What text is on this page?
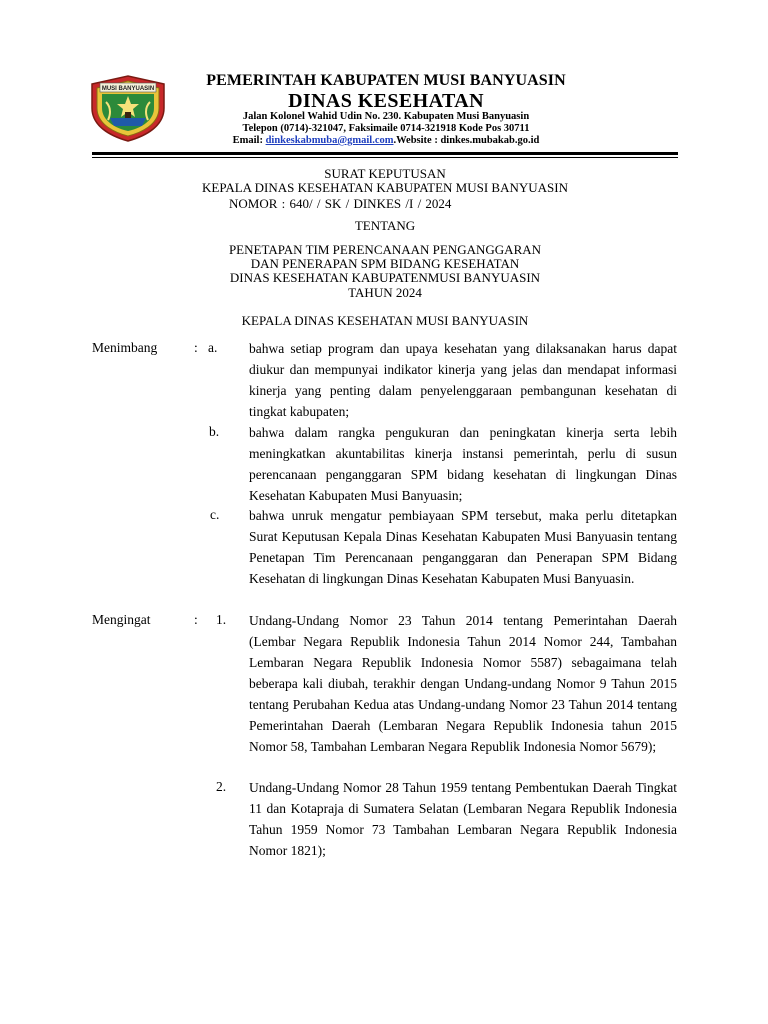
MUSI BANYUASIN	PEMERINTAH KABUPATEN MUSI BANYUASIN
DINAS KESEHATAN
Jalan Kolonel Wahid Udin No. 230. Kabupaten Musi Banyuasin
Telepon (0714)-321047, Faksimaile 0714-321918 Kode Pos 30711
Email: dinkeskabmuba@gmail.com.Website : dinkes.mubakab.go.id
SURAT KEPUTUSAN
KEPALA DINAS KESEHATAN KABUPATEN MUSI BANYUASIN
NOMOR : 640/ / SK / DINKES /I / 2024
TENTANG
PENETAPAN TIM PERENCANAAN PENGANGGARAN
DAN PENERAPAN SPM BIDANG KESEHATAN
DINAS KESEHATAN KABUPATENMUSI BANYUASIN
TAHUN 2024
KEPALA DINAS KESEHATAN MUSI BANYUASIN
Menimbang	: a. bahwa setiap program dan upaya kesehatan yang dilaksanakan harus dapat diukur dan mempunyai indikator kinerja yang jelas dan mendapat informasi kinerja yang penting dalam penyelenggaraan pembangunan kesehatan di tingkat kabupaten;

b. bahwa dalam rangka pengukuran dan peningkatan kinerja serta lebih meningkatkan akuntabilitas kinerja instansi pemerintah, perlu di susun perencanaan penganggaran SPM bidang kesehatan di lingkungan Dinas Kesehatan Kabupaten Musi Banyuasin;

c. bahwa unruk mengatur pembiayaan SPM tersebut, maka perlu ditetapkan Surat Keputusan Kepala Dinas Kesehatan Kabupaten Musi Banyuasin tentang Penetapan Tim Perencanaan penganggaran dan Penerapan SPM Bidang Kesehatan di lingkungan Dinas Kesehatan Kabupaten Musi Banyuasin.

Mengingat	: 1. Undang-Undang Nomor 23 Tahun 2014 tentang Pemerintahan Daerah (Lembar Negara Republik Indonesia Tahun 2014 Nomor 244, Tambahan Lembaran Negara Republik Indonesia Nomor 5587) sebagaimana telah beberapa kali diubah, terakhir dengan Undang-undang Nomor 9 Tahun 2015 tentang Perubahan Kedua atas Undang-undang Nomor 23 Tahun 2014 tentang Pemerintahan Daerah (Lembaran Negara Republik Indonesia tahun 2015 Nomor 58, Tambahan Lembaran Negara Republik Indonesia Nomor 5679);

2. Undang-Undang Nomor 28 Tahun 1959 tentang Pembentukan Daerah Tingkat 11 dan Kotapraja di Sumatera Selatan (Lembaran Negara Republik Indonesia Tahun 1959 Nomor 73 Tambahan Lembaran Negara Republik Indonesia Nomor 1821);
